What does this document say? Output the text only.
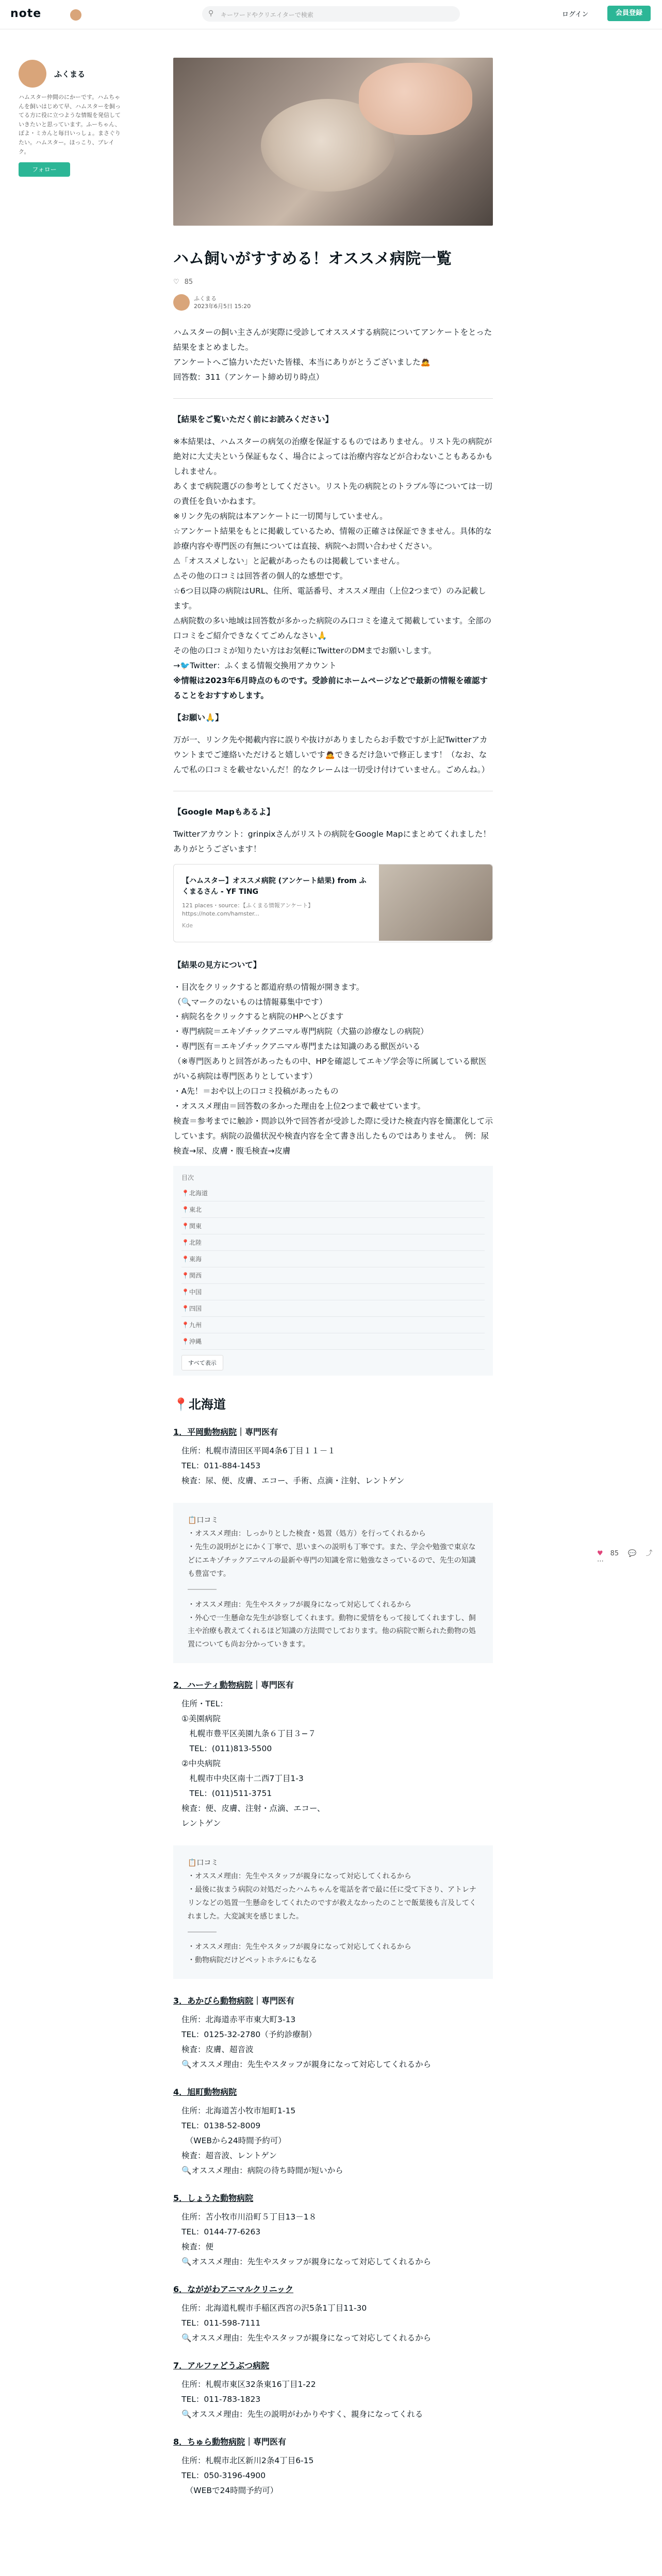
note	⚲ キーワードやクリエイターで検索	ログイン	会員登録
ふくまる
ハムスター仲間のにかーです。ハムちゃんを飼いはじめて早、ハムスターを飼ってる方に役に立つような情報を発信していきたいと思っています。ふーちゃん、ぽよ・ミカんと毎日いっしょ。まさぐりたい。ハムスター。ほっこり、ブレイク。
フォロー
ハム飼いがすすめる！オススメ病院一覧
♡ 85
ふくまる
2023年6月5日 15:20

ハムスターの飼い主さんが実際に受診してオススメする病院についてアンケートをとった結果をまとめました。

アンケートへご協力いただいた皆様、本当にありがとうございました🙇

回答数：311（アンケート締め切り時点）

【結果をご覧いただく前にお読みください】

※本結果は、ハムスターの病気の治療を保証するものではありません。リスト先の病院が絶対に大丈夫という保証もなく、場合によっては治療内容などが合わないこともあるかもしれません。

あくまで病院選びの参考としてください。リスト先の病院とのトラブル等については一切の責任を負いかねます。

※リンク先の病院は本アンケートに一切関与していません。

☆アンケート結果をもとに掲載しているため、情報の正確さは保証できません。具体的な診療内容や専門医の有無については直接、病院へお問い合わせください。

⚠「オススメしない」と記載があったものは掲載していません。

⚠その他の口コミは回答者の個人的な感想です。

☆6つ目以降の病院はURL、住所、電話番号、オススメ理由（上位2つまで）のみ記載します。

⚠病院数の多い地域は回答数が多かった病院のみ口コミを違えて掲載しています。全部の口コミをご紹介できなくてごめんなさい🙏

その他の口コミが知りたい方はお気軽にTwitterのDMまでお願いします。

→🐦Twitter：ふくまる情報交換用アカウント

※情報は2023年6月時点のものです。受診前にホームページなどで最新の情報を確認することをおすすめします。

【お願い🙏】
万が一、リンク先や掲載内容に誤りや抜けがありましたらお手数ですが上記Twitterアカウントまでご連絡いただけると嬉しいです🙇できるだけ急いで修正します！（なお、なんで私の口コミを載せないんだ！的なクレームは一切受け付けていません。ごめんね。）
【Google Mapもあるよ】
Twitterアカウント：grinpixさんがリストの病院をGoogle Mapにまとめてくれました！ありがとうございます！
【ハムスター】オススメ病院 (アンケート結果) from ふくまるさん - YF TING
121 places・source：【ふくまる情報アンケート】https://note.com/hamster...
Kde
【結果の見方について】

・目次をクリックすると都道府県の情報が開きます。

（🔍マークのないものは情報募集中です）

・病院名をクリックすると病院のHPへとびます

・専門病院＝エキゾチックアニマル専門病院（犬猫の診療なしの病院）

・専門医有＝エキゾチックアニマル専門または知識のある獣医がいる

（※専門医ありと回答があったもの中、HPを確認してエキゾ学会等に所属している獣医がいる病院は専門医ありとしています）

・A先！＝おや以上の口コミ投稿があったもの

・オススメ理由＝回答数の多かった理由を上位2つまで載せています。

検査＝参考までに触診・問診以外で回答者が受診した際に受けた検査内容を簡潔化して示しています。病院の設備状況や検査内容を全て書き出したものではありません。　例：尿検査→尿、皮膚・腹毛検査→皮膚

目次
📍北海道
📍東北
📍関東
📍北陸
📍東海
📍関西
📍中国
📍四国
📍九州
📍沖縄
すべて表示
📍北海道
1．平岡動物病院｜専門医有

住所：札幌市清田区平岡4条6丁目１１－１

TEL：011-884-1453

検査：尿、便、皮膚、エコー、手術、点滴・注射、レントゲン

📋口コミ

・オススメ理由：しっかりとした検査・処置（処方）を行ってくれるから

・先生の説明がとにかく丁寧で、思いまへの説明も丁寧です。また、学会や勉強で東京などにエキゾチックアニマルの最新や専門の知識を常に勉強なさっているので、先生の知識も豊富です。

――――

・オススメ理由：先生やスタッフが親身になって対応してくれるから

・外心で一生懸命な先生が診察してくれます。動物に愛情をもって接してくれますし、飼主や治療も教えてくれるほど知識の方法間でしております。他の病院で断られた動物の処置についても尚お分かっていきます。

2．ハーティ動物病院｜専門医有

住所・TEL：

①美園病院

　札幌市豊平区美園九条６丁目３−７

　TEL：(011)813-5500

②中央病院

　札幌市中央区南十二西7丁目1-3

　TEL：(011)511-3751

検査：便、皮膚、注射・点滴、エコー、

レントゲン

📋口コミ

・オススメ理由：先生やスタッフが親身になって対応してくれるから

・最後に抜まう病院の対処だったハムちゃんを電話を者で最に任に受て下さり、アトレナリンなどの処置一生懸命をしてくれたのですが救えなかったのことで飯葉後も言及してくれました。大変誠実を感じました。

――――

・オススメ理由：先生やスタッフが親身になって対応してくれるから

・動物病院だけどペットホテルにもなる

3．あかびら動物病院｜専門医有

住所：北海道赤平市東大町3-13

TEL：0125-32-2780（予約診療制）

検査：皮膚、超音波

🔍オススメ理由：先生やスタッフが親身になって対応してくれるから

4．旭町動物病院

住所：北海道苫小牧市旭町1-15

TEL：0138-52-8009

　（WEBから24時間予約可）

検査：超音波、レントゲン

🔍オススメ理由：病院の待ち時間が短いから

5．しょうた動物病院

住所：苫小牧市川沿町５丁目13－1８

TEL：0144-77-6263

検査：便

🔍オススメ理由：先生やスタッフが親身になって対応してくれるから

6．なががわアニマルクリニック

住所：北海道札幌市手稲区西宮の沢5条1丁目11-30

TEL：011-598-7111

🔍オススメ理由：先生やスタッフが親身になって対応してくれるから

7．アルファどうぶつ病院

住所：札幌市東区32条東16丁目1-22

TEL：011-783-1823

🔍オススメ理由：先生の説明がわかりやすく、親身になってくれる

8．ちゅら動物病院｜専門医有

住所：札幌市北区新川2条4丁目6-15

TEL：050-3196-4900

　（WEBで24時間予約可）

♥ 85 💬 ⤴ ⋯
